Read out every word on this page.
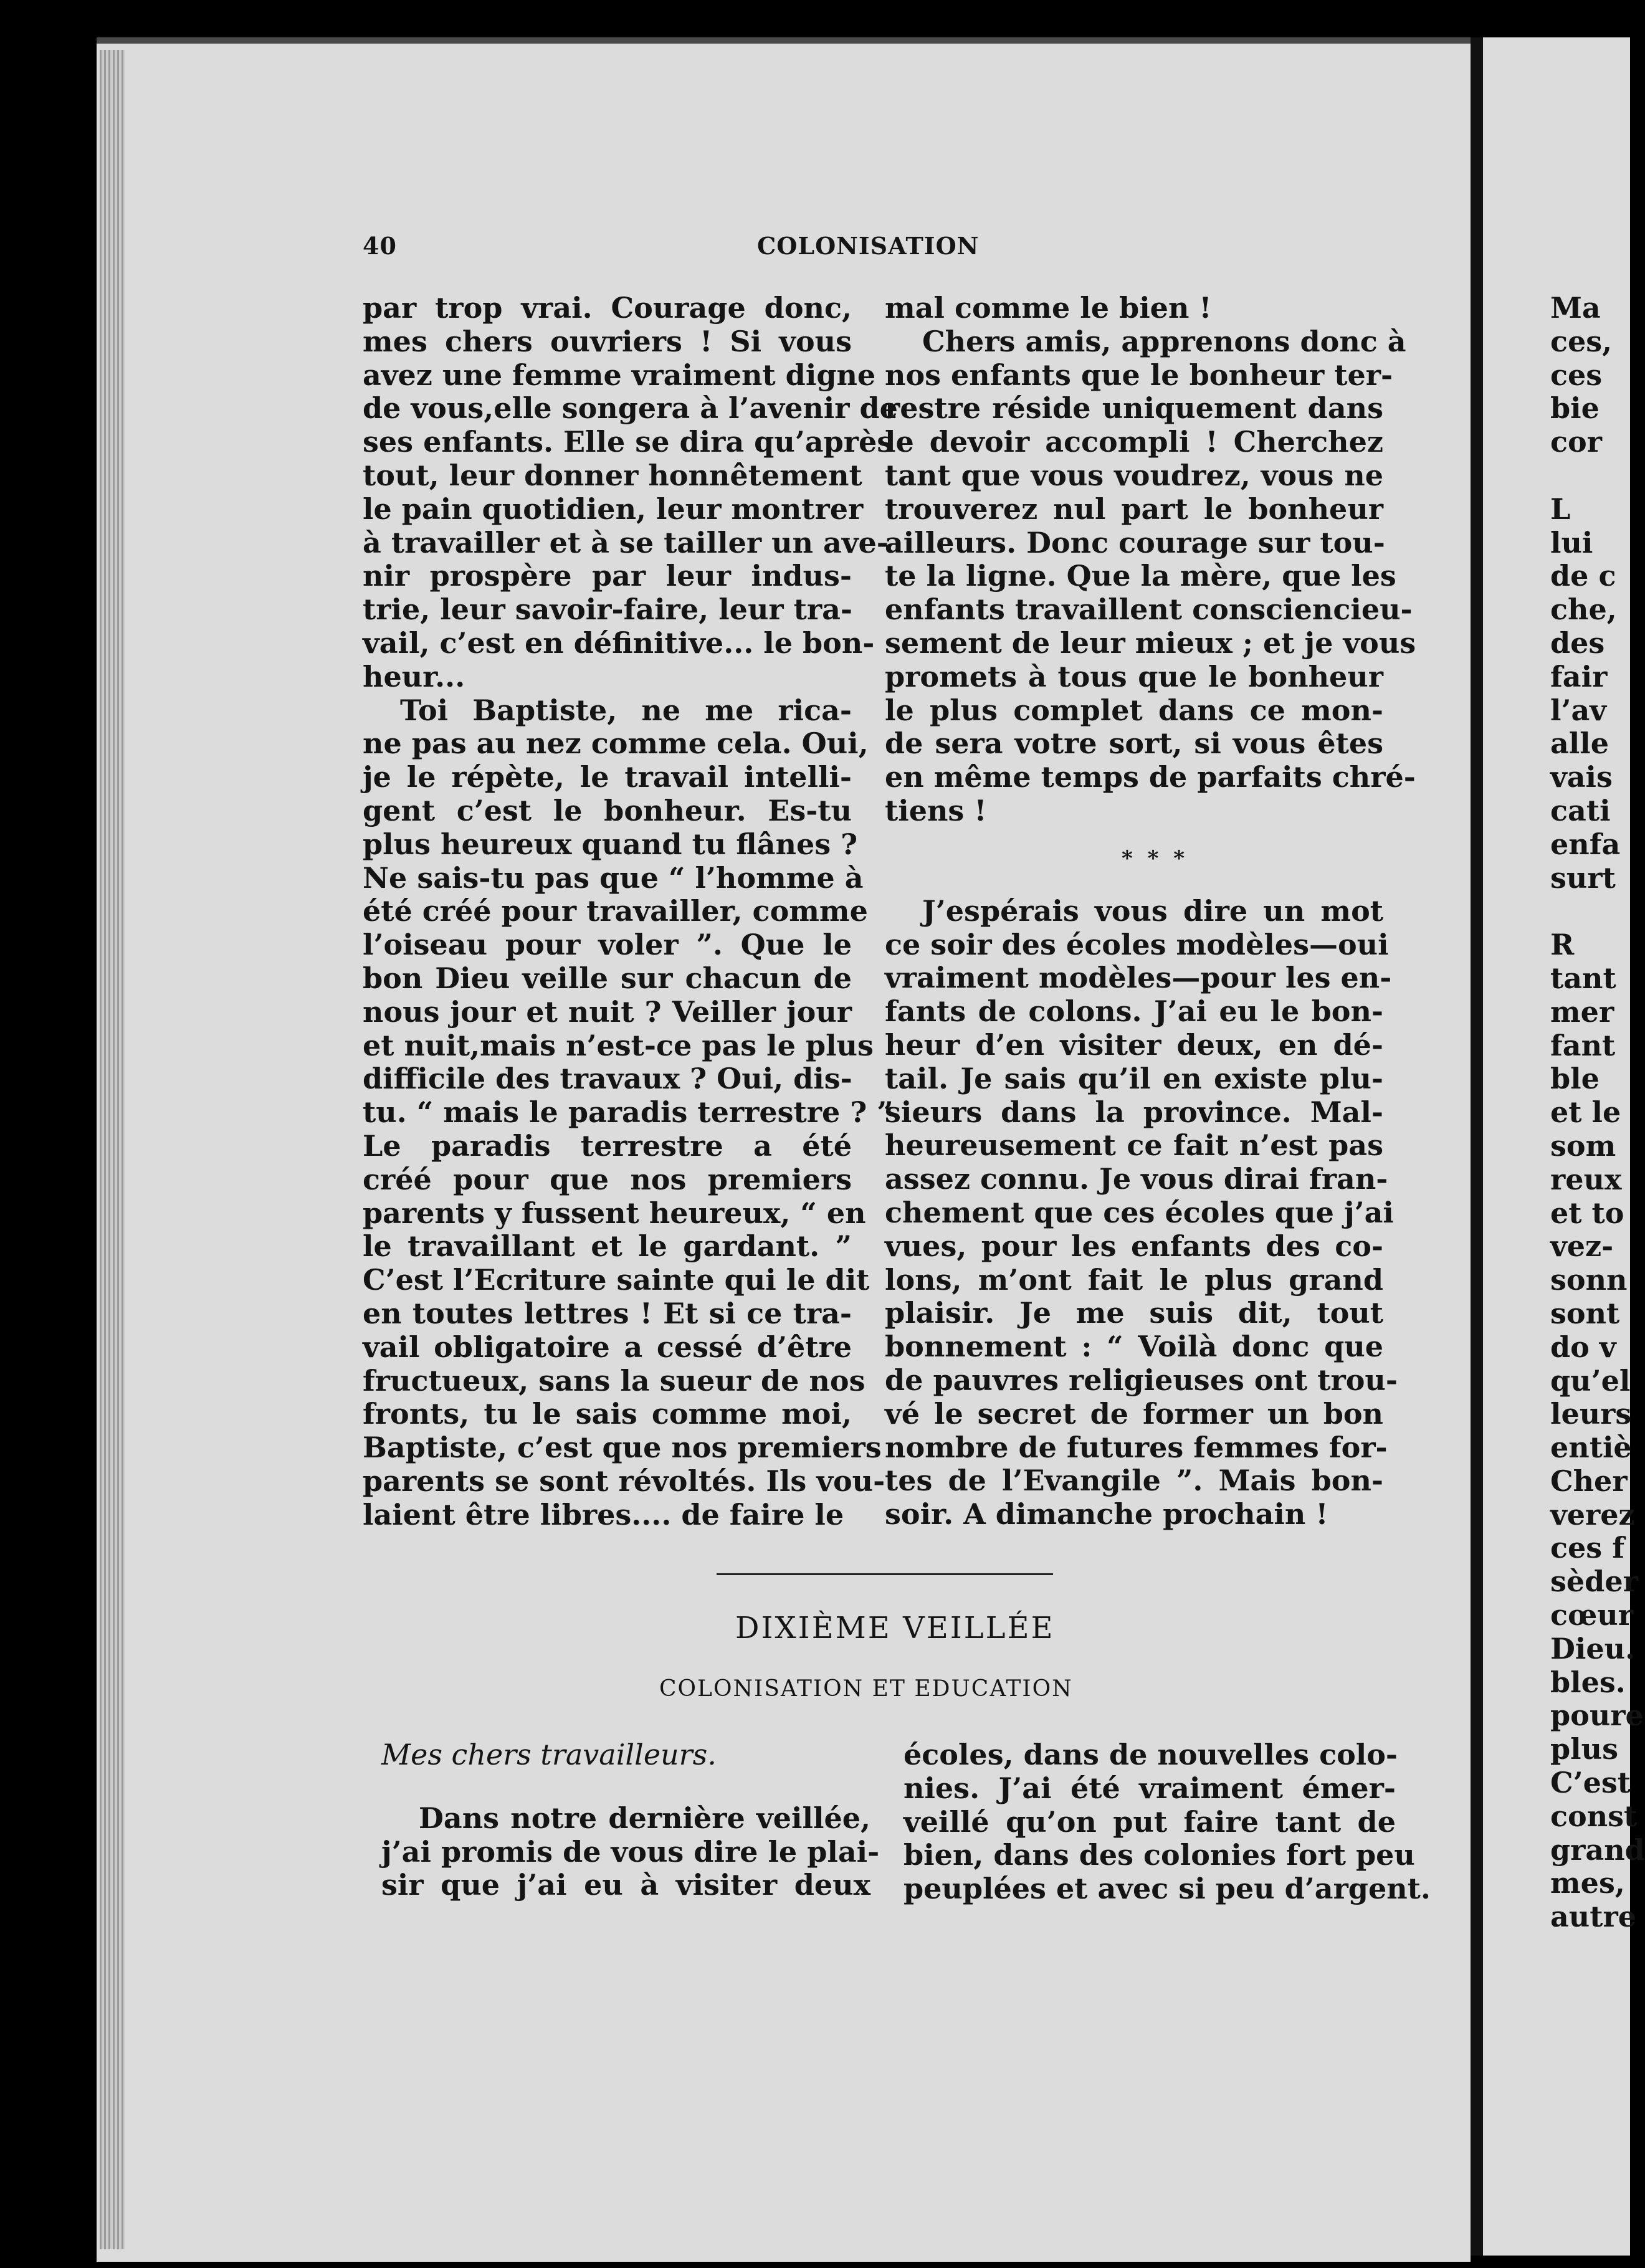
Ma
ces,
ces
bie
cor

L
lui
de c
che,
des
fair
l’av
alle
vais
cati
enfa
surt

R
tant
mer
fant
ble
et le
som
reux
et to
vez-
sonn
sont
do v
qu’el
leurs
entiè
Cher
verez
ces f
sèder
cœur
Dieu.
bles.
poure
plus
C’est
const
grand
mes,
autre
40	COLONISATION
par trop vrai. Courage donc,
mes chers ouvriers ! Si vous
avez une femme vraiment digne
de vous,elle songera à l’avenir de
ses enfants. Elle se dira qu’après
tout, leur donner honnêtement
le pain quotidien, leur montrer
à travailler et à se tailler un ave-
nir prospère par leur indus-
trie, leur savoir-faire, leur tra-
vail, c’est en définitive... le bon-
heur...
Toi Baptiste, ne me rica-
ne pas au nez comme cela. Oui,
je le répète, le travail intelli-
gent c’est le bonheur. Es-tu
plus heureux quand tu flânes ?
Ne sais-tu pas que “ l’homme à
été créé pour travailler, comme
l’oiseau pour voler ”. Que le
bon Dieu veille sur chacun de
nous jour et nuit ? Veiller jour
et nuit,mais n’est-ce pas le plus
difficile des travaux ? Oui, dis-
tu. “ mais le paradis terrestre ? ”
Le paradis terrestre a été
créé pour que nos premiers
parents y fussent heureux, “ en
le travaillant et le gardant. ”
C’est l’Ecriture sainte qui le dit
en toutes lettres ! Et si ce tra-
vail obligatoire a cessé d’être
fructueux, sans la sueur de nos
fronts, tu le sais comme moi,
Baptiste, c’est que nos premiers
parents se sont révoltés. Ils vou-
laient être libres.... de faire le
mal comme le bien !
Chers amis, apprenons donc à
nos enfants que le bonheur ter-
restre réside uniquement dans
le devoir accompli ! Cherchez
tant que vous voudrez, vous ne
trouverez nul part le bonheur
ailleurs. Donc courage sur tou-
te la ligne. Que la mère, que les
enfants travaillent consciencieu-
sement de leur mieux ; et je vous
promets à tous que le bonheur
le plus complet dans ce mon-
de sera votre sort, si vous êtes
en même temps de parfaits chré-
tiens !
J’espérais vous dire un mot
ce soir des écoles modèles—oui
vraiment modèles—pour les en-
fants de colons. J’ai eu le bon-
heur d’en visiter deux, en dé-
tail. Je sais qu’il en existe plu-
sieurs dans la province. Mal-
heureusement ce fait n’est pas
assez connu. Je vous dirai fran-
chement que ces écoles que j’ai
vues, pour les enfants des co-
lons, m’ont fait le plus grand
plaisir. Je me suis dit, tout
bonnement : “ Voilà donc que
de pauvres religieuses ont trou-
vé le secret de former un bon
nombre de futures femmes for-
tes de l’Evangile ”. Mais bon-
soir. A dimanche prochain !
* * *
DIXIÈME VEILLÉE
COLONISATION ET EDUCATION
Mes chers travailleurs.
Dans notre dernière veillée,
j’ai promis de vous dire le plai-
sir que j’ai eu à visiter deux
écoles, dans de nouvelles colo-
nies. J’ai été vraiment émer-
veillé qu’on put faire tant de
bien, dans des colonies fort peu
peuplées et avec si peu d’argent.
